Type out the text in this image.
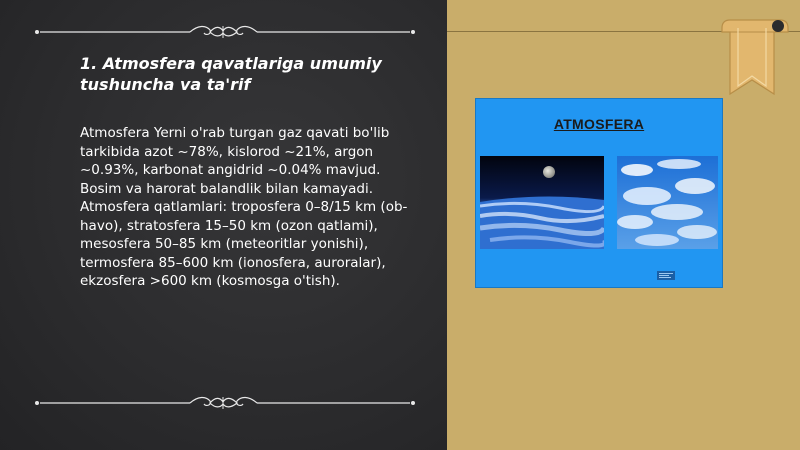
1. Atmosfera qavatlariga umumiy tushuncha va ta'rif

Atmosfera Yerni o'rab turgan gaz qavati bo'lib tarkibida azot ~78%, kislorod ~21%, argon ~0.93%, karbonat angidrid ~0.04% mavjud. Bosim va harorat balandlik bilan kamayadi. Atmosfera qatlamlari: troposfera 0–8/15 km (ob-havo), stratosfera 15–50 km (ozon qatlami), mesosfera 50–85 km (meteoritlar yonishi), termosfera 85–600 km (ionosfera, auroralar), ekzosfera >600 km (kosmosga o'tish).

ATMOSFERA
